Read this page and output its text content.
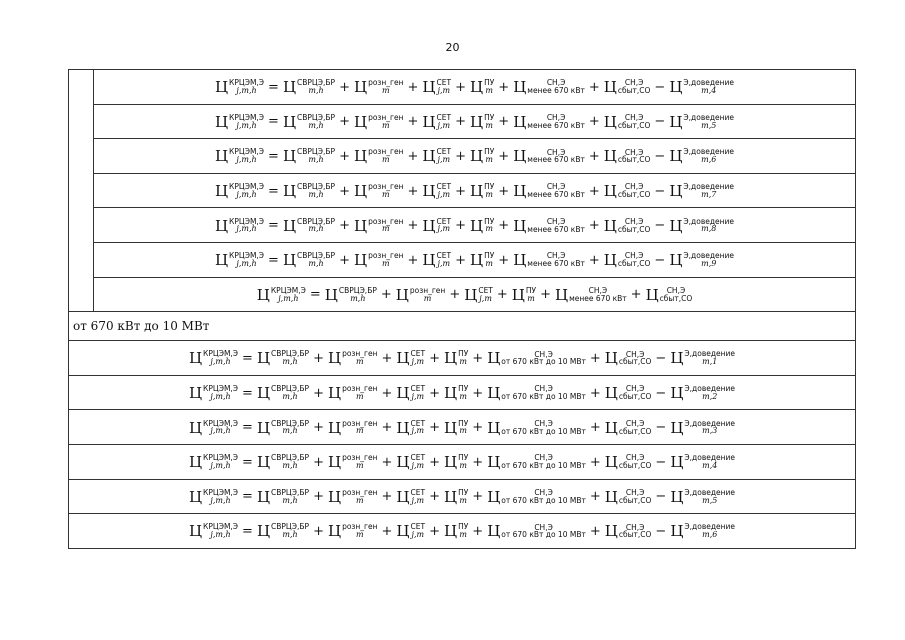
20

Ц КРЦЭМ,Э
j,m,h = Ц СВРЦЭ,БР
m,h	+ Ц розн_ген
m	+ Ц СЕТ
j,m + Ц ПУ
m + Ц	СН,Э
менее 670 кВт + Ц	СН,Э
сбыт,СО − Ц Э,доведение
m,4

Ц КРЦЭМ,Э
j,m,h = Ц СВРЦЭ,БР
m,h	+ Ц розн_ген
m	+ Ц СЕТ
j,m + Ц ПУ
m + Ц	СН,Э
менее 670 кВт + Ц	СН,Э
сбыт,СО − Ц Э,доведение
m,5

Ц КРЦЭМ,Э
j,m,h = Ц СВРЦЭ,БР
m,h	+ Ц розн_ген
m	+ Ц СЕТ
j,m + Ц ПУ
m + Ц	СН,Э
менее 670 кВт + Ц	СН,Э
сбыт,СО − Ц Э,доведение
m,6

Ц КРЦЭМ,Э
j,m,h = Ц СВРЦЭ,БР
m,h	+ Ц розн_ген
m	+ Ц СЕТ
j,m + Ц ПУ
m + Ц	СН,Э
менее 670 кВт + Ц	СН,Э
сбыт,СО − Ц Э,доведение
m,7

Ц КРЦЭМ,Э
j,m,h = Ц СВРЦЭ,БР
m,h	+ Ц розн_ген
m	+ Ц СЕТ
j,m + Ц ПУ
m + Ц	СН,Э
менее 670 кВт + Ц	СН,Э
сбыт,СО − Ц Э,доведение
m,8

Ц КРЦЭМ,Э
j,m,h = Ц СВРЦЭ,БР
m,h	+ Ц розн_ген
m	+ Ц СЕТ
j,m + Ц ПУ
m + Ц	СН,Э
менее 670 кВт + Ц	СН,Э
сбыт,СО − Ц Э,доведение
m,9

Ц КРЦЭМ,Э
j,m,h = Ц СВРЦЭ,БР
m,h	+ Ц розн_ген
m	+ Ц СЕТ
j,m + Ц ПУ
m + Ц	СН,Э
менее 670 кВт + Ц	СН,Э
сбыт,СО

от 670 кВт до 10 МВт

Ц КРЦЭМ,Э
j,m,h = Ц СВРЦЭ,БР
m,h	+ Ц розн_ген
m	+ Ц СЕТ
j,m + Ц ПУ
m + Ц	СН,Э
от 670 кВт до 10 МВт + Ц	СН,Э
сбыт,СО − Ц Э,доведение
m,1

Ц КРЦЭМ,Э
j,m,h = Ц СВРЦЭ,БР
m,h	+ Ц розн_ген
m	+ Ц СЕТ
j,m + Ц ПУ
m + Ц	СН,Э
от 670 кВт до 10 МВт + Ц	СН,Э
сбыт,СО − Ц Э,доведение
m,2

Ц КРЦЭМ,Э
j,m,h = Ц СВРЦЭ,БР
m,h	+ Ц розн_ген
m	+ Ц СЕТ
j,m + Ц ПУ
m + Ц	СН,Э
от 670 кВт до 10 МВт + Ц	СН,Э
сбыт,СО − Ц Э,доведение
m,3

Ц КРЦЭМ,Э
j,m,h = Ц СВРЦЭ,БР
m,h	+ Ц розн_ген
m	+ Ц СЕТ
j,m + Ц ПУ
m + Ц	СН,Э
от 670 кВт до 10 МВт + Ц	СН,Э
сбыт,СО − Ц Э,доведение
m,4

Ц КРЦЭМ,Э
j,m,h = Ц СВРЦЭ,БР
m,h	+ Ц розн_ген
m	+ Ц СЕТ
j,m + Ц ПУ
m + Ц	СН,Э
от 670 кВт до 10 МВт + Ц	СН,Э
сбыт,СО − Ц Э,доведение
m,5

Ц КРЦЭМ,Э
j,m,h = Ц СВРЦЭ,БР
m,h	+ Ц розн_ген
m	+ Ц СЕТ
j,m + Ц ПУ
m + Ц	СН,Э
от 670 кВт до 10 МВт + Ц	СН,Э
сбыт,СО − Ц Э,доведение
m,6
